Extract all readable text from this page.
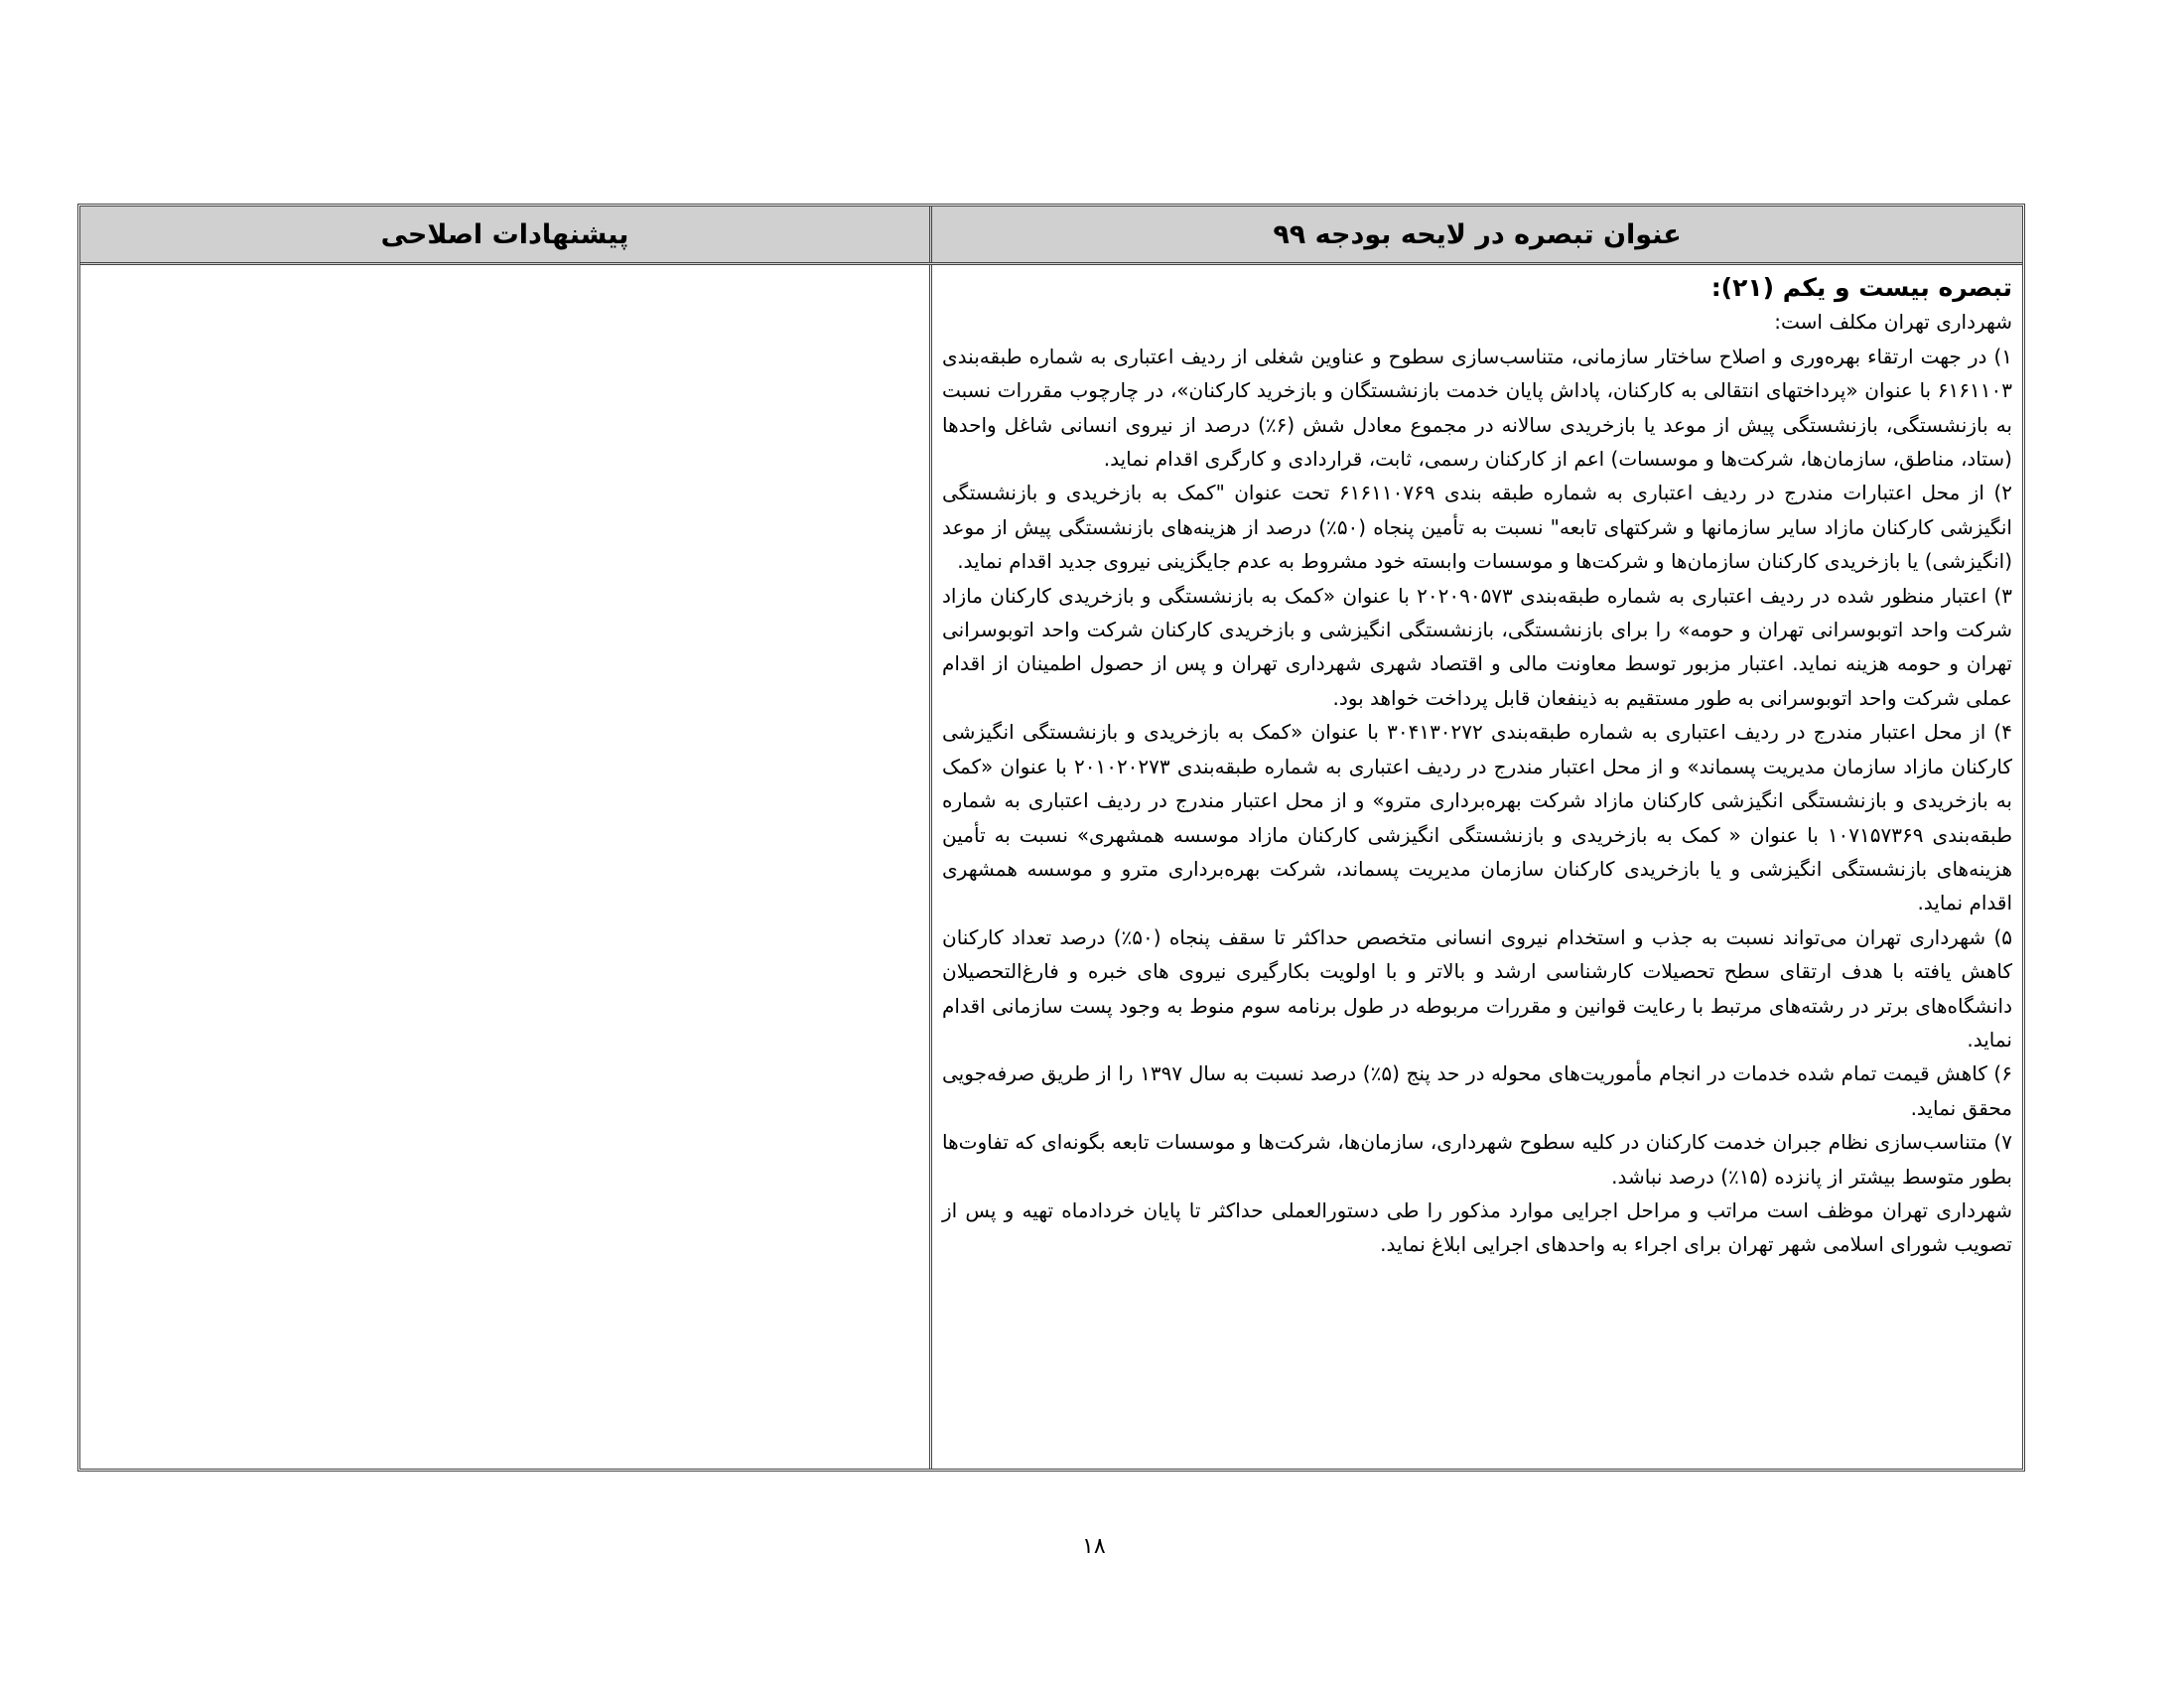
پیشنهادات اصلاحی	عنوان تبصره در لایحه بودجه ۹۹

تبصره بیست و یکم (۲۱):

شهرداری تهران مکلف است:

۱) در جهت ارتقاء بهره‌وری و اصلاح ساختار سازمانی، متناسب‌سازی سطوح و عناوین شغلی از ردیف اعتباری به شماره طبقه‌بندی ۶۱۶۱۱۰۳ با عنوان «پرداختهای انتقالی به کارکنان، پاداش پایان خدمت بازنشستگان و بازخرید کارکنان»، در چارچوب مقررات نسبت به بازنشستگی، بازنشستگی پیش از موعد یا بازخریدی سالانه در مجموع معادل شش (۶٪) درصد از نیروی انسانی شاغل واحدها (ستاد، مناطق، سازمان‌ها، شرکت‌ها و موسسات) اعم از کارکنان رسمی، ثابت، قراردادی و کارگری اقدام نماید.

۲) از محل اعتبارات مندرج در ردیف اعتباری به شماره طبقه بندی ۶۱۶۱۱۰۷۶۹ تحت عنوان "کمک به بازخریدی و بازنشستگی انگیزشی کارکنان مازاد سایر سازمانها و شرکتهای تابعه" نسبت به تأمین پنجاه (۵۰٪) درصد از هزینه‌های بازنشستگی پیش از موعد (انگیزشی) یا بازخریدی کارکنان سازمان‌ها و شرکت‌ها و موسسات وابسته خود مشروط به عدم جایگزینی نیروی جدید اقدام نماید.

۳) اعتبار منظور شده در ردیف اعتباری به شماره طبقه‌بندی ۲۰۲۰۹۰۵۷۳ با عنوان «کمک به بازنشستگی و بازخریدی کارکنان مازاد شرکت واحد اتوبوسرانی تهران و حومه» را برای بازنشستگی، بازنشستگی انگیزشی و بازخریدی کارکنان شرکت واحد اتوبوسرانی تهران و حومه هزینه نماید. اعتبار مزبور توسط معاونت مالی و اقتصاد شهری شهرداری تهران و پس از حصول اطمینان از اقدام عملی شرکت واحد اتوبوسرانی به طور مستقیم به ذینفعان قابل پرداخت خواهد بود.

۴) از محل اعتبار مندرج در ردیف اعتباری به شماره طبقه‌بندی ۳۰۴۱۳۰۲۷۲ با عنوان «کمک به بازخریدی و بازنشستگی انگیزشی کارکنان مازاد سازمان مدیریت پسماند» و از محل اعتبار مندرج در ردیف اعتباری به شماره طبقه‌بندی ۲۰۱۰۲۰۲۷۳ با عنوان «کمک به بازخریدی و بازنشستگی انگیزشی کارکنان مازاد شرکت بهره‌برداری مترو» و از محل اعتبار مندرج در ردیف اعتباری به شماره طبقه‌بندی ۱۰۷۱۵۷۳۶۹ با عنوان « کمک به بازخریدی و بازنشستگی انگیزشی کارکنان مازاد موسسه همشهری» نسبت به تأمین هزینه‌های بازنشستگی انگیزشی و یا بازخریدی کارکنان سازمان مدیریت پسماند، شرکت بهره‌برداری مترو و موسسه همشهری اقدام نماید.

۵) شهرداری تهران می‌تواند نسبت به جذب و استخدام نیروی انسانی متخصص حداکثر تا سقف پنجاه (۵۰٪) درصد تعداد کارکنان کاهش یافته با هدف ارتقای سطح تحصیلات کارشناسی ارشد و بالاتر و با اولویت بکارگیری نیروی های خبره و فارغ‌التحصیلان دانشگاه‌های برتر در رشته‌های مرتبط با رعایت قوانین و مقررات مربوطه در طول برنامه سوم منوط به وجود پست سازمانی اقدام نماید.

۶) کاهش قیمت تمام شده خدمات در انجام مأموریت‌های محوله در حد پنج (۵٪) درصد نسبت به سال ۱۳۹۷ را از طریق صرفه‌جویی محقق نماید.

۷) متناسب‌سازی نظام جبران خدمت کارکنان در کلیه سطوح شهرداری، سازمان‌ها، شرکت‌ها و موسسات تابعه بگونه‌ای که تفاوت‌ها بطور متوسط بیشتر از پانزده (۱۵٪) درصد نباشد.

شهرداری تهران موظف است مراتب و مراحل اجرایی موارد مذکور را طی دستورالعملی حداکثر تا پایان خردادماه تهیه و پس از تصویب شورای اسلامی شهر تهران برای اجراء به واحدهای اجرایی ابلاغ نماید.

۱۸
